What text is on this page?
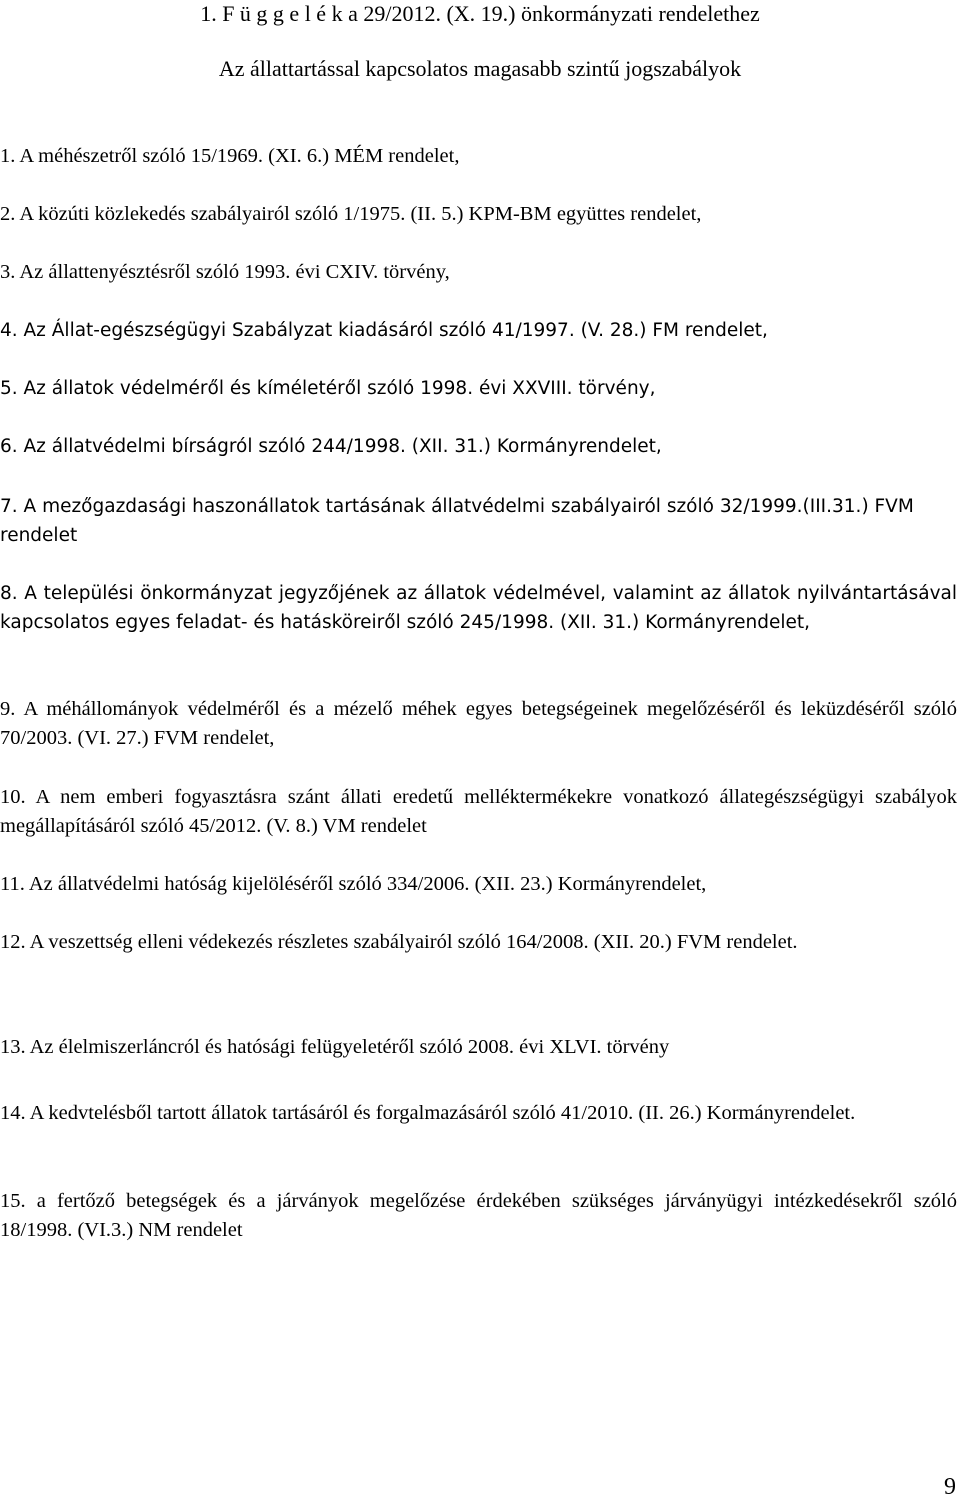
1. F ü g g e l é k a 29/2012. (X. 19.) önkormányzati rendelethez
Az állattartással kapcsolatos magasabb szintű jogszabályok

1. A méhészetről szóló 15/1969. (XI. 6.) MÉM rendelet,

2. A közúti közlekedés szabályairól szóló 1/1975. (II. 5.) KPM-BM együttes rendelet,

3. Az állattenyésztésről szóló 1993. évi CXIV. törvény,

4. Az Állat-egészségügyi Szabályzat kiadásáról szóló 41/1997. (V. 28.) FM rendelet,

5. Az állatok védelméről és kíméletéről szóló 1998. évi XXVIII. törvény,

6. Az állatvédelmi bírságról szóló 244/1998. (XII. 31.) Kormányrendelet,

7. A mezőgazdasági haszonállatok tartásának állatvédelmi szabályairól szóló 32/1999.(III.31.) FVM rendelet

8. A települési önkormányzat jegyzőjének az állatok védelmével, valamint az állatok nyilvántartásával kapcsolatos egyes feladat- és hatásköreiről szóló 245/1998. (XII. 31.) Kormányrendelet,

9. A méhállományok védelméről és a mézelő méhek egyes betegségeinek megelőzéséről és leküzdéséről szóló 70/2003. (VI. 27.) FVM rendelet,

10. A nem emberi fogyasztásra szánt állati eredetű melléktermékekre vonatkozó állategészségügyi szabályok megállapításáról szóló 45/2012. (V. 8.) VM rendelet

11. Az állatvédelmi hatóság kijelöléséről szóló 334/2006. (XII. 23.) Kormányrendelet,

12. A veszettség elleni védekezés részletes szabályairól szóló 164/2008. (XII. 20.) FVM rendelet.

13. Az élelmiszerláncról és hatósági felügyeletéről szóló 2008. évi XLVI. törvény

14. A kedvtelésből tartott állatok tartásáról és forgalmazásáról szóló 41/2010. (II. 26.) Kormányrendelet.

15. a fertőző betegségek és a járványok megelőzése érdekében szükséges járványügyi intézkedésekről szóló 18/1998. (VI.3.) NM rendelet

9
